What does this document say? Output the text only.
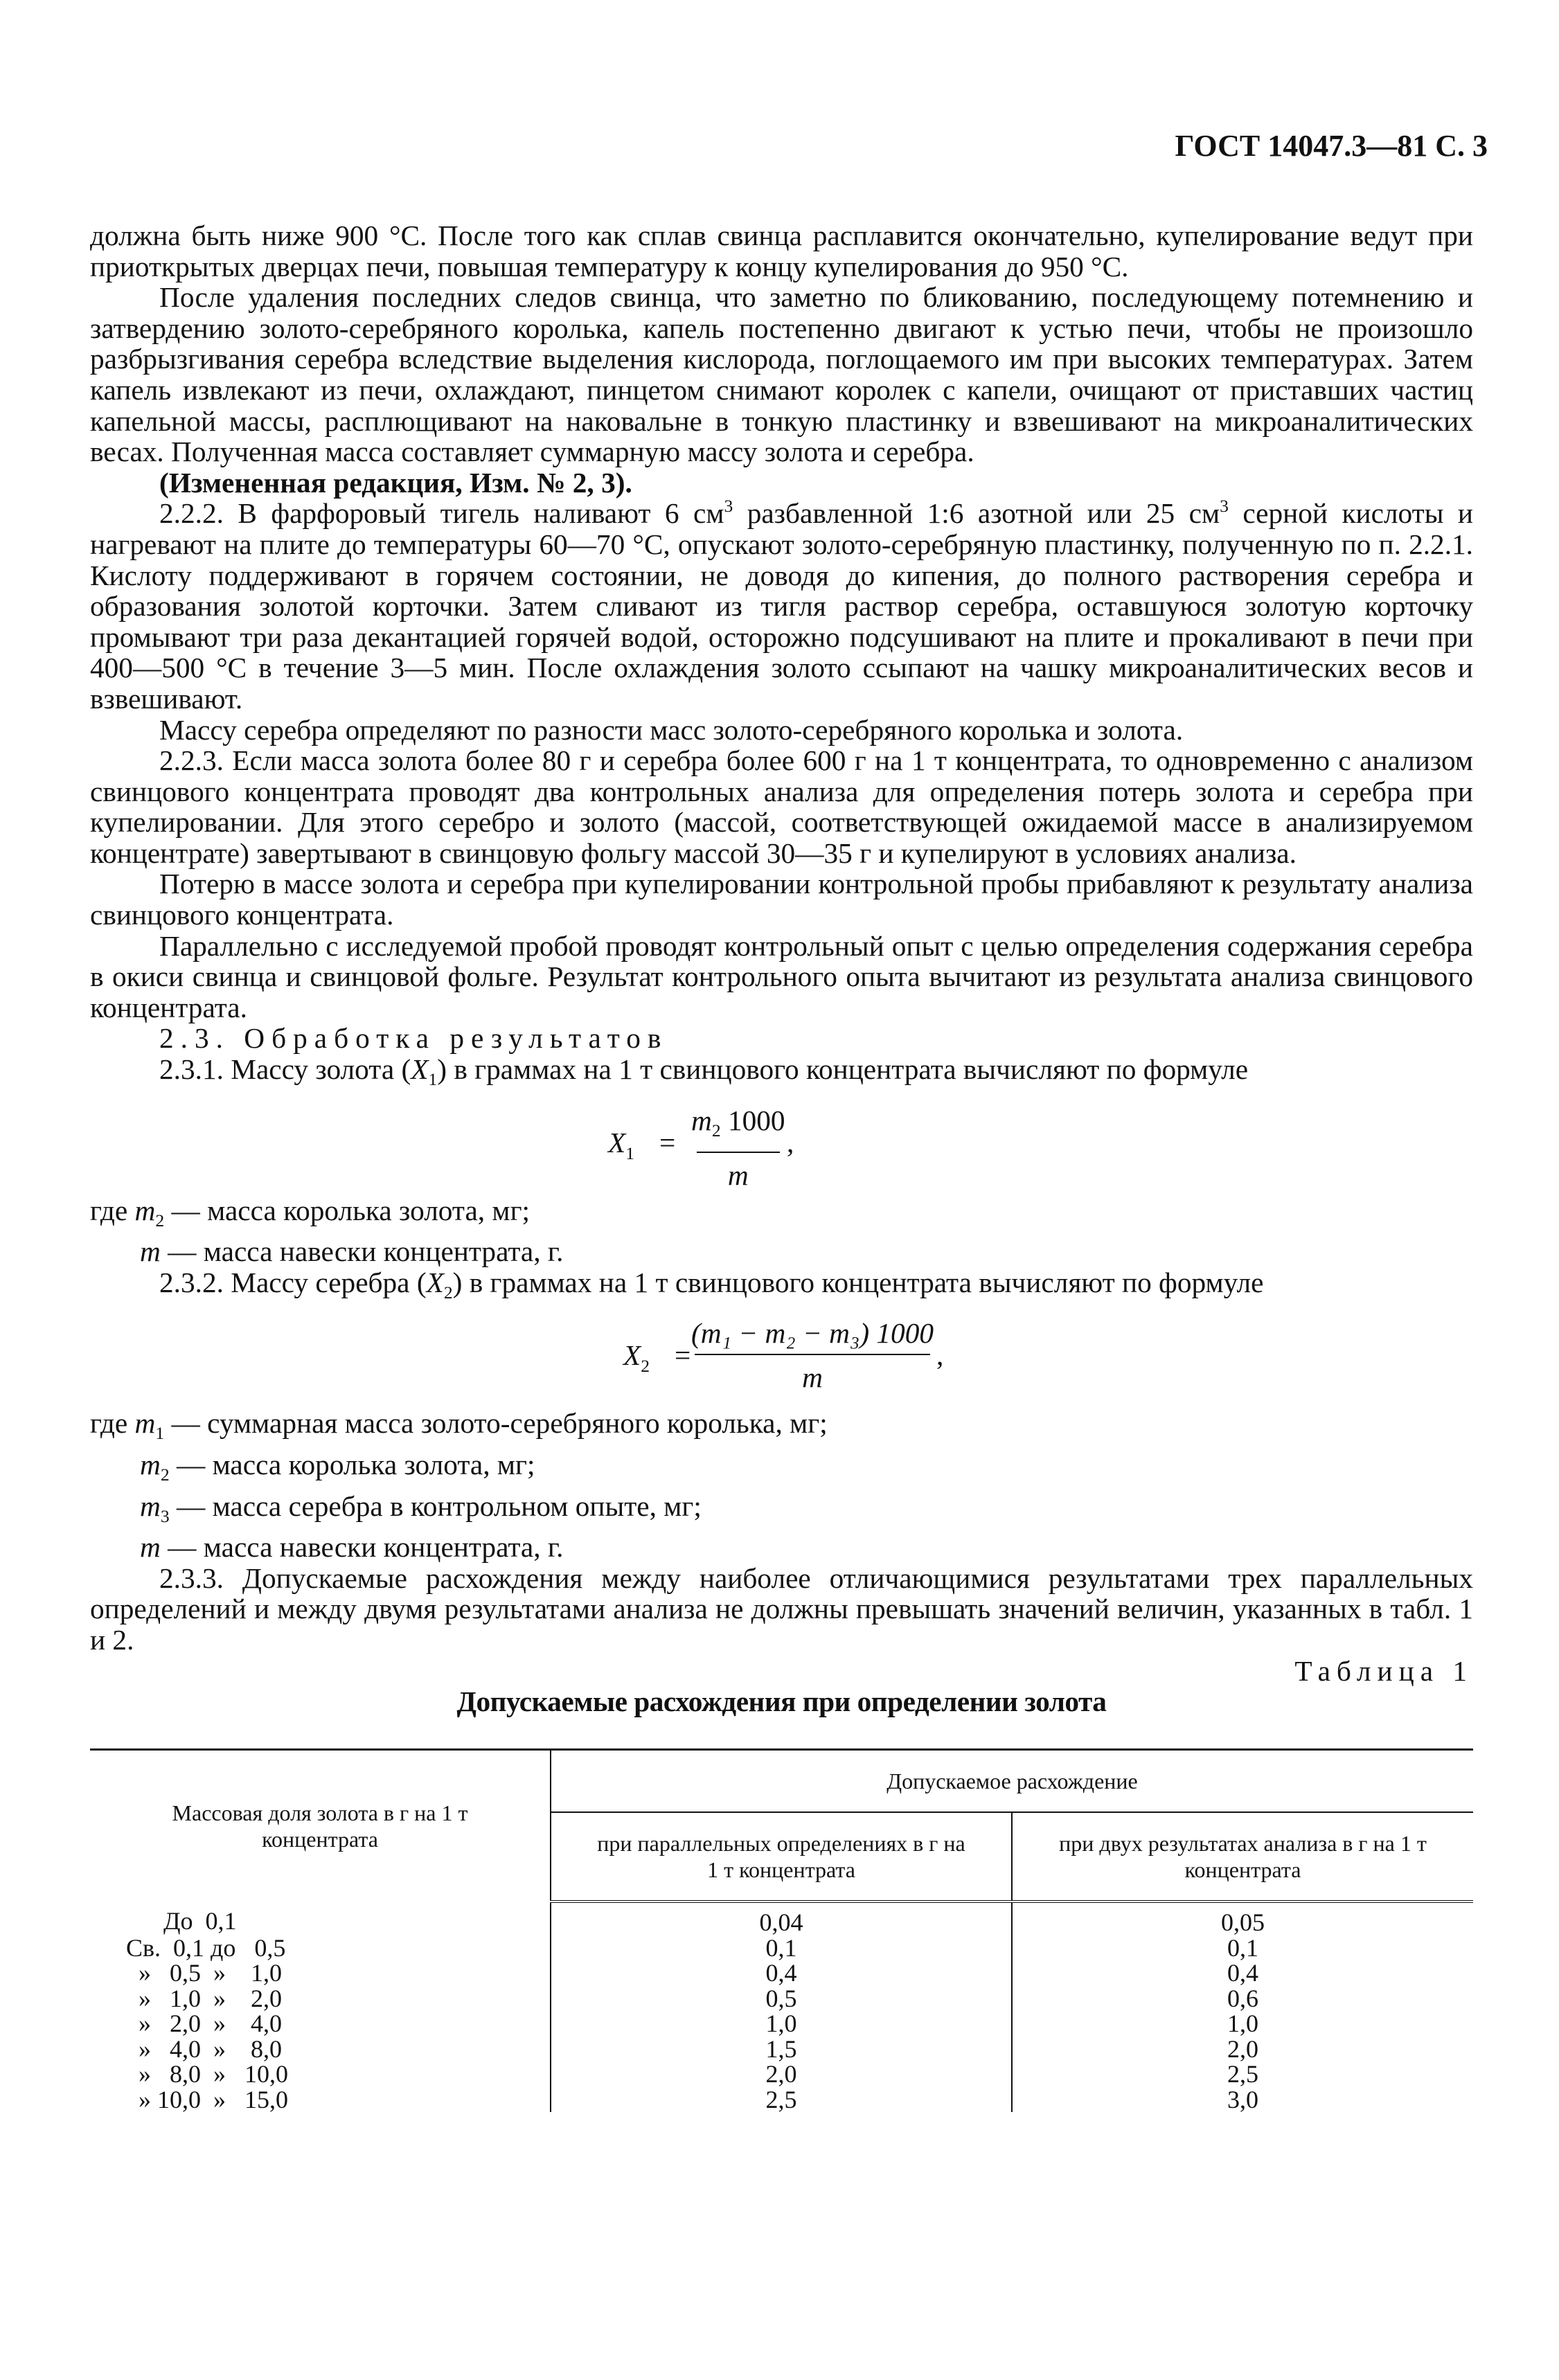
ГОСТ 14047.3—81 С. 3

должна быть ниже 900 °С. После того как сплав свинца расплавится окончательно, купелирование ведут при приоткрытых дверцах печи, повышая температуру к концу купелирования до 950 °С.

После удаления последних следов свинца, что заметно по бликованию, последующему потемнению и затвердению золото-серебряного королька, капель постепенно двигают к устью печи, чтобы не произошло разбрызгивания серебра вследствие выделения кислорода, поглощаемого им при высоких температурах. Затем капель извлекают из печи, охлаждают, пинцетом снимают королек с капели, очищают от приставших частиц капельной массы, расплющивают на наковальне в тонкую пластинку и взвешивают на микроаналитических весах. Полученная масса составляет суммарную массу золота и серебра.

(Измененная редакция, Изм. № 2, 3).

2.2.2. В фарфоровый тигель наливают 6 $см^3$ разбавленной 1:6 азотной или 25 $см^3$ серной кислоты и нагревают на плите до температуры 60—70 °С, опускают золото-серебряную пластинку, полученную по п. 2.2.1. Кислоту поддерживают в горячем состоянии, не доводя до кипения, до полного растворения серебра и образования золотой корточки. Затем сливают из тигля раствор серебра, оставшуюся золотую корточку промывают три раза декантацией горячей водой, осторожно подсушивают на плите и прокаливают в печи при 400—500 °С в течение 3—5 мин. После охлаждения золото ссыпают на чашку микроаналитических весов и взвешивают.

Массу серебра определяют по разности масс золото-серебряного королька и золота.

2.2.3. Если масса золота более 80 г и серебра более 600 г на 1 т концентрата, то одновременно с анализом свинцового концентрата проводят два контрольных анализа для определения потерь золота и серебра при купелировании. Для этого серебро и золото (массой, соответствующей ожидаемой массе в анализируемом концентрате) завертывают в свинцовую фольгу массой 30—35 г и купелируют в условиях анализа.

Потерю в массе золота и серебра при купелировании контрольной пробы прибавляют к результату анализа свинцового концентрата.

Параллельно с исследуемой пробой проводят контрольный опыт с целью определения содержания серебра в окиси свинца и свинцовой фольге. Результат контрольного опыта вычитают из результата анализа свинцового концентрата.

2.3. Обработка результатов

2.3.1. Массу золота $(X_1)$ в граммах на 1 т свинцового концентрата вычисляют по формуле

$X_1$ =
$m_2$ 1000
m
,

где $m_2$ — масса королька золота, мг;

m — масса навески концентрата, г.

2.3.2. Массу серебра $(X_2)$ в граммах на 1 т свинцового концентрата вычисляют по формуле

$X_2$ =
(m₁ − m₂ − m₃) 1000
m
,

где $m_1$ — суммарная масса золото-серебряного королька, мг;

$m_2$ — масса королька золота, мг;

$m_3$ — масса серебра в контрольном опыте, мг;

m — масса навески концентрата, г.

2.3.3. Допускаемые расхождения между наиболее отличающимися результатами трех параллельных определений и между двумя результатами анализа не должны превышать значений величин, указанных в табл. 1 и 2.

Таблица 1

Допускаемые расхождения при определении золота

Массовая доля золота в г на 1 т концентрата	Допускаемое расхождение	
	при параллельных определениях в г на 1 т концентрата	при двух результатах анализа в г на 1 т концентрата
До  0,1	0,04	0,05
Св.  0,1 до   0,5	0,1	0,1
»   0,5  »    1,0	0,4	0,4
»   1,0  »    2,0	0,5	0,6
»   2,0  »    4,0	1,0	1,0
»   4,0  »    8,0	1,5	2,0
»   8,0  »   10,0	2,0	2,5
» 10,0  »   15,0	2,5	3,0
